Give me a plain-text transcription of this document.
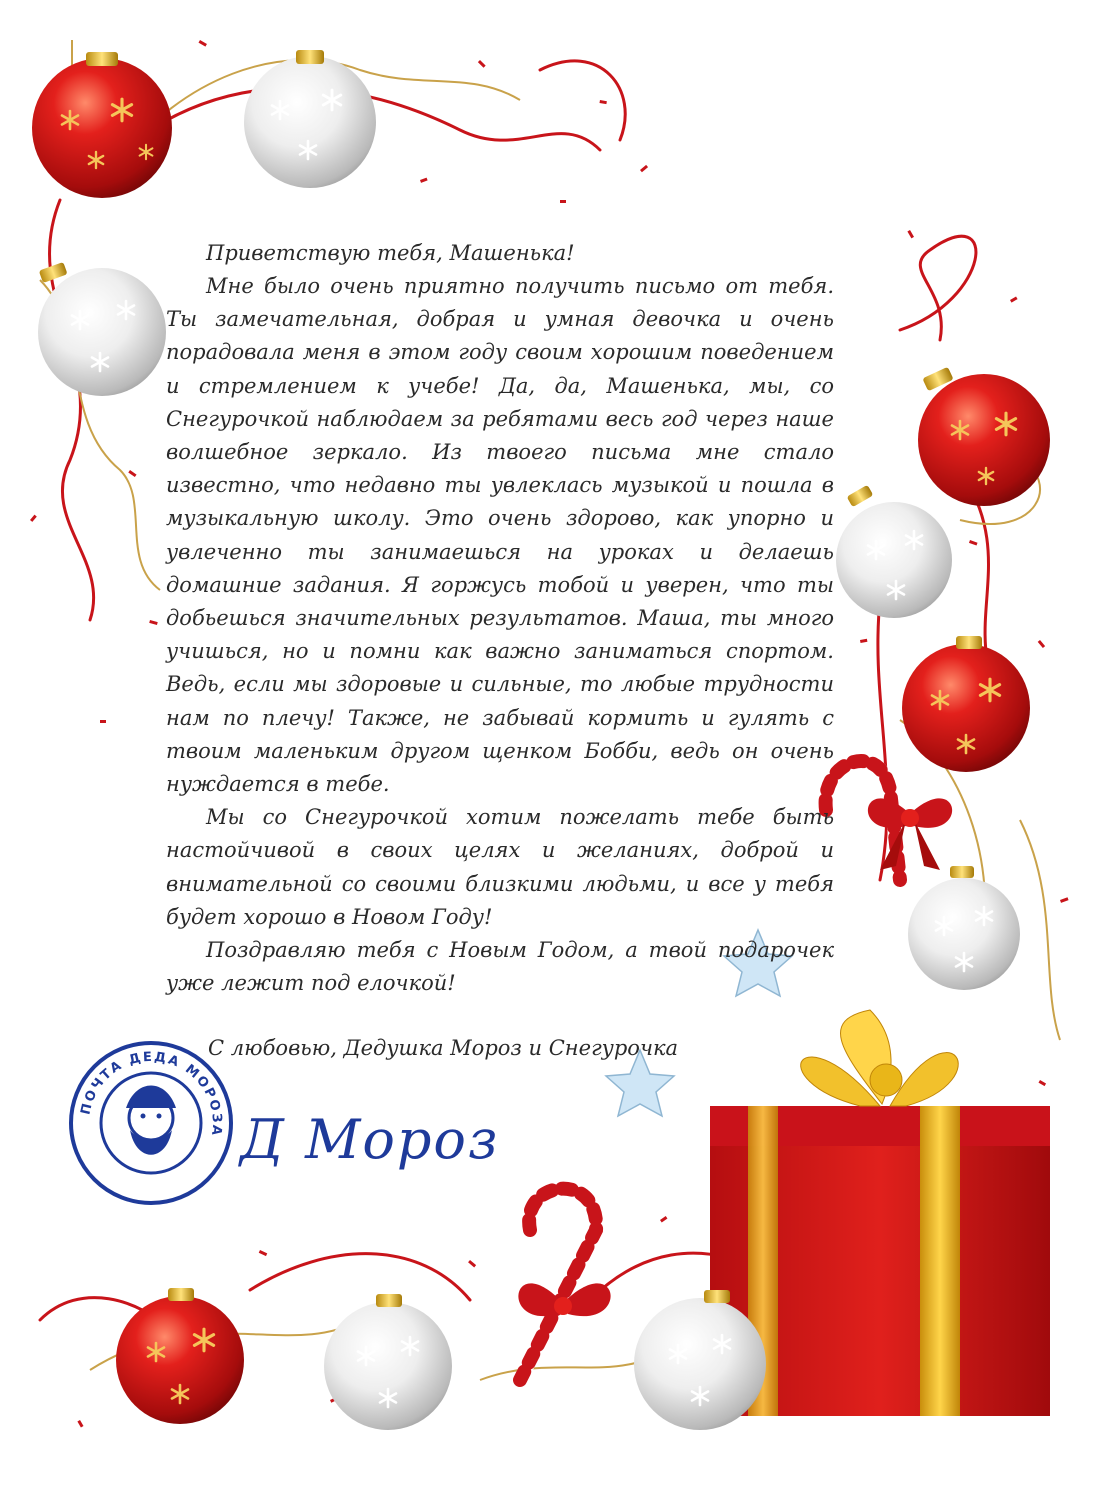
ПОЧТА ДЕДА МОРОЗА

Приветствую тебя, Машенька!

Мне было очень приятно получить письмо от тебя. Ты замечательная, добрая и умная девочка и очень порадовала меня в этом году своим хорошим поведением и стремлением к учебе! Да, да, Машенька, мы, со Снегурочкой наблюдаем за ребятами весь год через наше волшебное зеркало. Из твоего письма мне стало известно, что недавно ты увлеклась музыкой и пошла в музыкальную школу. Это очень здорово, как упорно и увлеченно ты занимаешься на уроках и делаешь домашние задания. Я горжусь тобой и уверен, что ты добьешься значительных результатов. Маша, ты много учишься, но и помни как важно заниматься спортом. Ведь, если мы здоровые и сильные, то любые трудности нам по плечу! Также, не забывай кормить и гулять с твоим маленьким другом щенком Бобби, ведь он очень нуждается в тебе.

Мы со Снегурочкой хотим пожелать тебе быть настойчивой в своих целях и желаниях, доброй и внимательной со своими близкими людьми, и все у тебя будет хорошо в Новом Году!

Поздравляю тебя с Новым Годом, а твой подарочек уже лежит под елочкой!

С любовью, Дедушка Мороз и Снегурочка
Д Мороз
